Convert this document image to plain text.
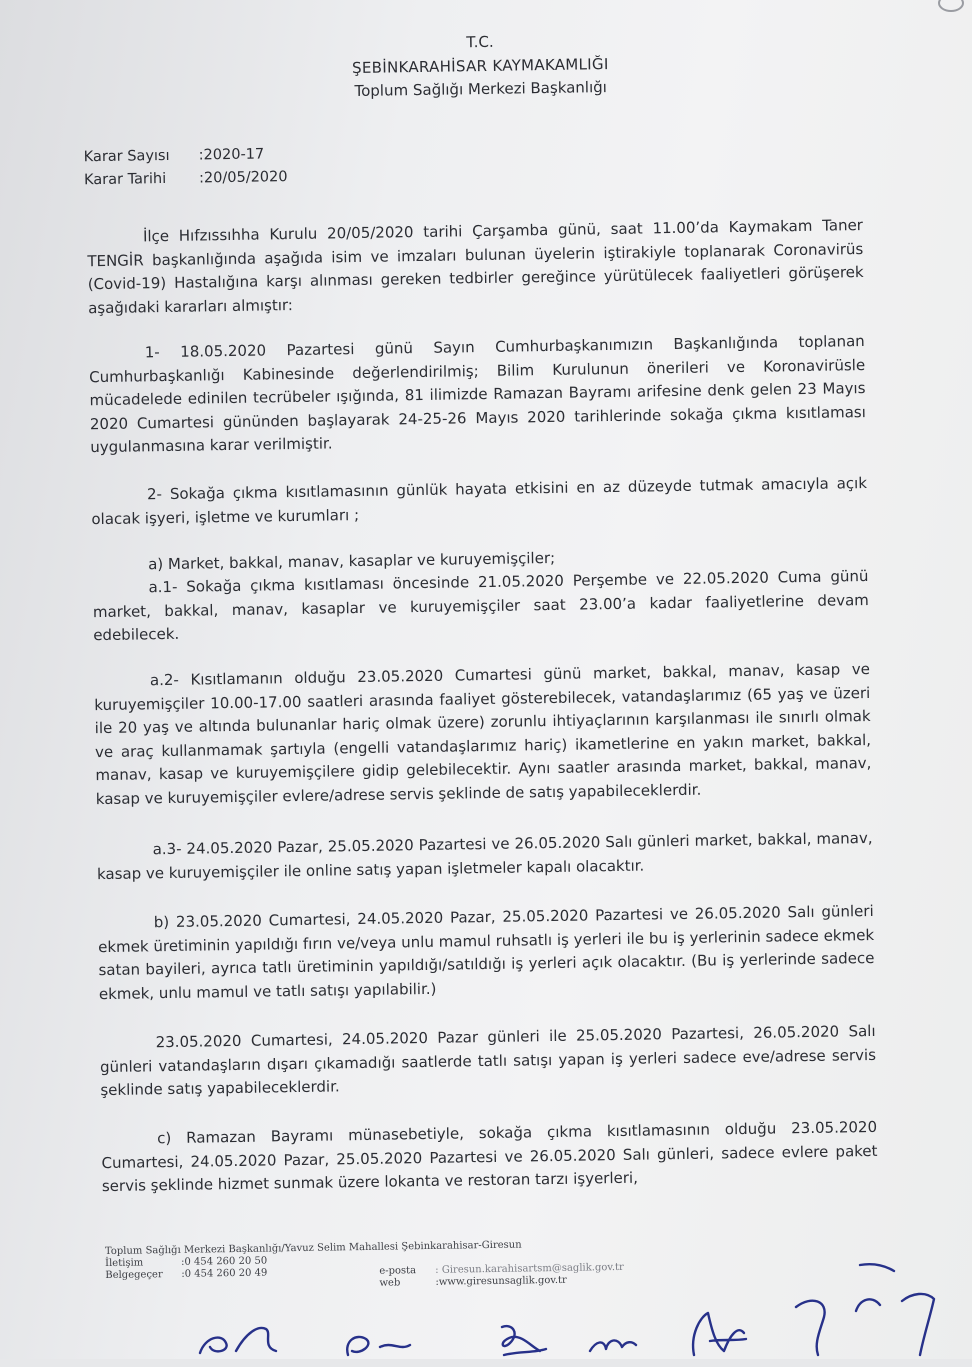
T.C.
ŞEBİNKARAHİSAR KAYMAKAMLIĞI
Toplum Sağlığı Merkezi Başkanlığı
Karar Sayısı :2020-17
Karar Tarihi :20/05/2020

İlçe Hıfzıssıhha Kurulu 20/05/2020 tarihi Çarşamba günü, saat 11.00’da Kaymakam Taner TENGİR başkanlığında aşağıda isim ve imzaları bulunan üyelerin iştirakiyle toplanarak Coronavirüs (Covid-19) Hastalığına karşı alınması gereken tedbirler gereğince yürütülecek faaliyetleri görüşerek aşağıdaki kararları almıştır:

1- 18.05.2020 Pazartesi günü Sayın Cumhurbaşkanımızın Başkanlığında toplanan Cumhurbaşkanlığı Kabinesinde değerlendirilmiş; Bilim Kurulunun önerileri ve Koronavirüsle mücadelede edinilen tecrübeler ışığında, 81 ilimizde Ramazan Bayramı arifesine denk gelen 23 Mayıs 2020 Cumartesi gününden başlayarak 24-25-26 Mayıs 2020 tarihlerinde sokağa çıkma kısıtlaması uygulanmasına karar verilmiştir.

2- Sokağa çıkma kısıtlamasının günlük hayata etkisini en az düzeyde tutmak amacıyla açık olacak işyeri, işletme ve kurumları ;

a) Market, bakkal, manav, kasaplar ve kuruyemişçiler;

a.1- Sokağa çıkma kısıtlaması öncesinde 21.05.2020 Perşembe ve 22.05.2020 Cuma günü market, bakkal, manav, kasaplar ve kuruyemişçiler saat 23.00’a kadar faaliyetlerine devam edebilecek.

a.2- Kısıtlamanın olduğu 23.05.2020 Cumartesi günü market, bakkal, manav, kasap ve kuruyemişçiler 10.00-17.00 saatleri arasında faaliyet gösterebilecek, vatandaşlarımız (65 yaş ve üzeri ile 20 yaş ve altında bulunanlar hariç olmak üzere) zorunlu ihtiyaçlarının karşılanması ile sınırlı olmak ve araç kullanmamak şartıyla (engelli vatandaşlarımız hariç) ikametlerine en yakın market, bakkal, manav, kasap ve kuruyemişçilere gidip gelebilecektir. Aynı saatler arasında market, bakkal, manav, kasap ve kuruyemişçiler evlere/adrese servis şeklinde de satış yapabileceklerdir.

a.3- 24.05.2020 Pazar, 25.05.2020 Pazartesi ve 26.05.2020 Salı günleri market, bakkal, manav, kasap ve kuruyemişçiler ile online satış yapan işletmeler kapalı olacaktır.

b) 23.05.2020 Cumartesi, 24.05.2020 Pazar, 25.05.2020 Pazartesi ve 26.05.2020 Salı günleri ekmek üretiminin yapıldığı fırın ve/veya unlu mamul ruhsatlı iş yerleri ile bu iş yerlerinin sadece ekmek satan bayileri, ayrıca tatlı üretiminin yapıldığı/satıldığı iş yerleri açık olacaktır. (Bu iş yerlerinde sadece ekmek, unlu mamul ve tatlı satışı yapılabilir.)

23.05.2020 Cumartesi, 24.05.2020 Pazar günleri ile 25.05.2020 Pazartesi, 26.05.2020 Salı günleri vatandaşların dışarı çıkamadığı saatlerde tatlı satışı yapan iş yerleri sadece eve/adrese servis şeklinde satış yapabileceklerdir.

c) Ramazan Bayramı münasebetiyle, sokağa çıkma kısıtlamasının olduğu 23.05.2020 Cumartesi, 24.05.2020 Pazar, 25.05.2020 Pazartesi ve 26.05.2020 Salı günleri, sadece evlere paket servis şeklinde hizmet sunmak üzere lokanta ve restoran tarzı işyerleri,

Toplum Sağlığı Merkezi Başkanlığı/Yavuz Selim Mahallesi Şebinkarahisar-Giresun
İletişim	:0 454 260 20 50
Belgegeçer :0 454 260 20 49	e-posta : Giresun.karahisartsm@saglik.gov.tr
web	:www.giresunsaglik.gov.tr
